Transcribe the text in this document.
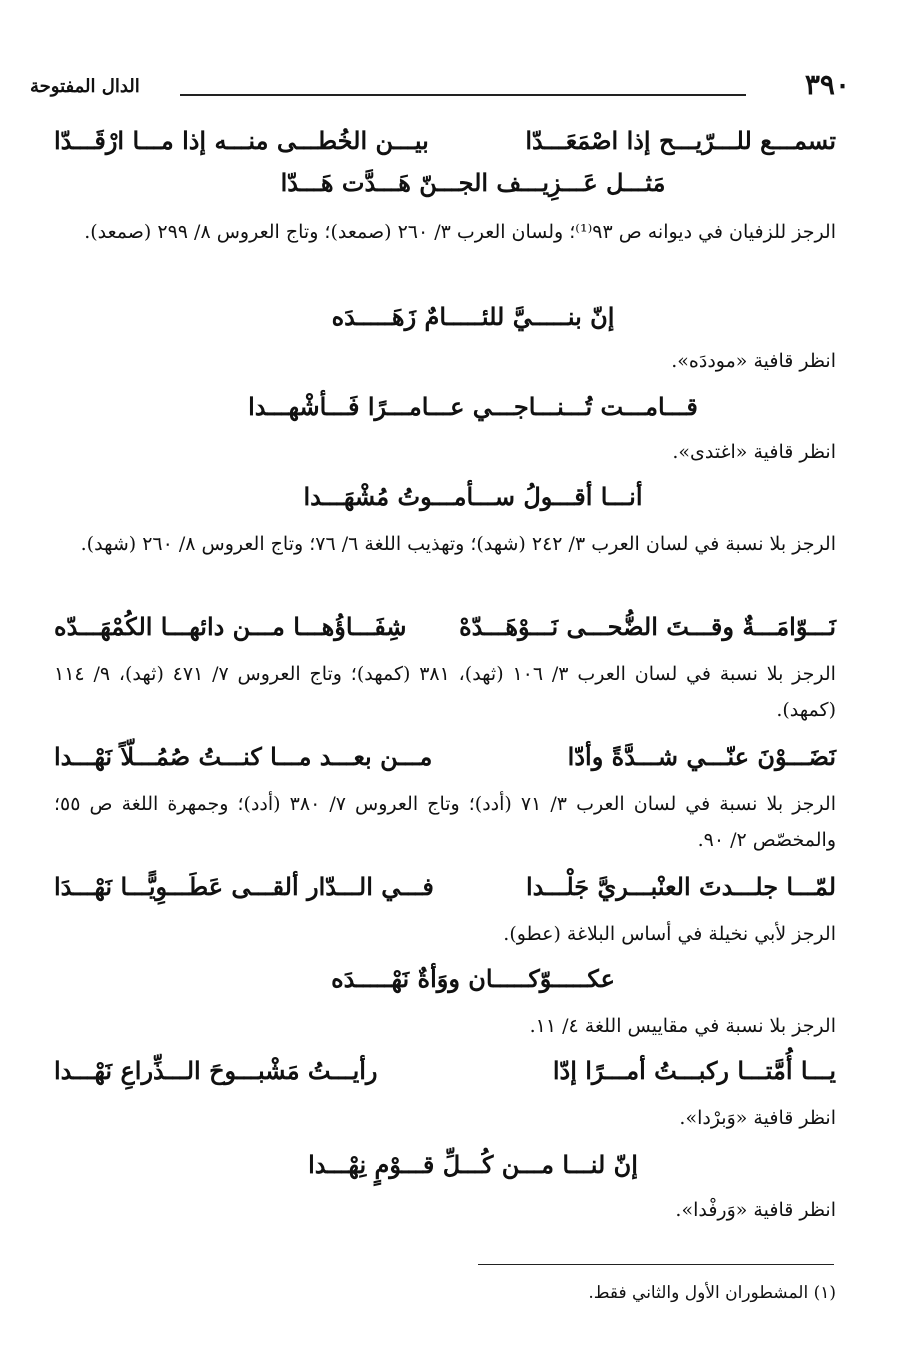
٣٩٠
الدال المفتوحة
تسمـــع للـــرّيـــح إذا اصْمَعَـــدّا
بيـــن الخُطـــى منـــه إذا مـــا ارْقَـــدّا
مَثـــل عَـــزِيـــف الجـــنّ هَـــدَّت هَـــدّا

الرجز للزفيان في ديوانه ص ٩٣⁽¹⁾؛ ولسان العرب ٣/ ٢٦٠ (صمعد)؛ وتاج العروس ٨/ ٢٩٩ (صمعد).

إنّ بنـــــيَّ للئـــــامٌ زَهَـــــدَه

انظر قافية «موددَه».

قـــامـــت تُـــنـــاجـــي عـــامـــرًا فَـــأشْهـــدا

انظر قافية «اغتدى».

أنـــا أقـــولُ ســـأمـــوتُ مُشْهَـــدا

الرجز بلا نسبة في لسان العرب ٣/ ٢٤٢ (شهد)؛ وتهذيب اللغة ٦/ ٧٦؛ وتاج العروس ٨/ ٢٦٠ (شهد).

نَـــوّامَـــةٌ وقـــتَ الضُّحـــى نَـــوْهَـــدّهْ
شِفَـــاؤُهـــا مـــن دائهـــا الكُمْهَـــدّه

الرجز بلا نسبة في لسان العرب ٣/ ١٠٦ (ثهد)، ٣٨١ (كمهد)؛ وتاج العروس ٧/ ٤٧١ (ثهد)، ٩/ ١١٤ (كمهد).

نَضَـــوْنَ عنّـــي شـــدَّةً وأدّا
مـــن بعـــد مـــا كنـــتُ صُمُـــلّاً نَهْـــدا

الرجز بلا نسبة في لسان العرب ٣/ ٧١ (أدد)؛ وتاج العروس ٧/ ٣٨٠ (أدد)؛ وجمهرة اللغة ص ٥٥؛ والمخصّص ٢/ ٩٠.

لمّـــا جلـــدتَ العنْبـــريَّ جَلْـــدا
فـــي الـــدّار ألقـــى عَطَـــوِيًّـــا نَهْـــدَا

الرجز لأبي نخيلة في أساس البلاغة (عطو).

عكـــــوّكـــــان ووَأةٌ نَهْـــــدَه

الرجز بلا نسبة في مقاييس اللغة ٤/ ١١.

يـــا أُمَّتـــا ركبـــتُ أمـــرًا إدّا
رأيـــتُ مَشْبـــوحَ الـــذِّراعِ نَهْـــدا

انظر قافية «وَبرْدا».

إنّ لنـــا مـــن كُـــلِّ قـــوْمٍ نِهْـــدا

انظر قافية «وَرفْدا».

(١) المشطوران الأول والثاني فقط.
